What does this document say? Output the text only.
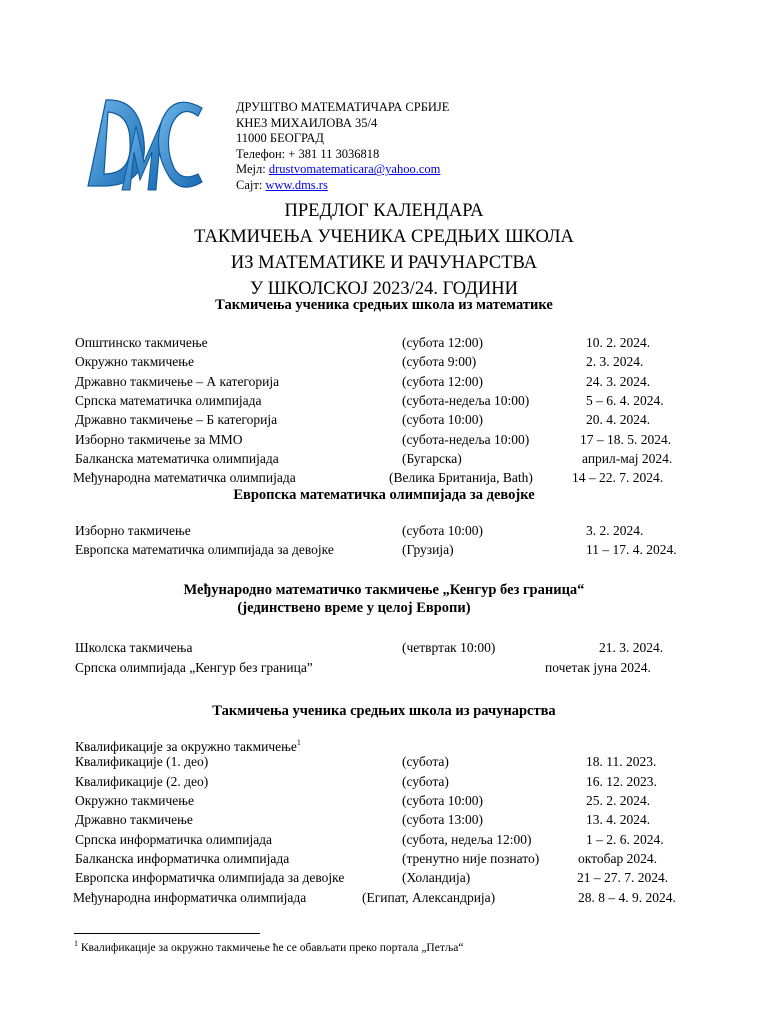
ДРУШТВО МАТЕМАТИЧАРА СРБИЈЕ
КНЕЗ МИХАИЛОВА 35/4
11000 БЕОГРАД
Телефон: + 381 11 3036818
Мејл: drustvomatematicara@yahoo.com
Сајт: www.dms.rs
ПРЕДЛОГ КАЛЕНДАРА
ТАКМИЧЕЊА УЧЕНИКА СРЕДЊИХ ШКОЛА
ИЗ МАТЕМАТИКЕ И РАЧУНАРСТВА
У ШКОЛСКОЈ 2023/24. ГОДИНИ
Такмичења ученика средњих школа из математике
Европска математичка олимпијада за девојке
Међународно математичко такмичење „Кенгур без граница“
(јединствено време у целој Европи)
Такмичења ученика средњих школа из рачунарства
Општинско такмичење	(субота 12:00)	10. 2. 2024.
Окружно такмичење	(субота 9:00)	2. 3. 2024.
Државно такмичење – А категорија	(субота 12:00)	24. 3. 2024.
Српска математичка олимпијада	(субота-недеља 10:00)	5 – 6. 4. 2024.
Државно такмичење – Б категорија	(субота 10:00)	20. 4. 2024.
Изборно такмичење за ММО	(субота-недеља 10:00)	17 – 18. 5. 2024.
Балканска математичка олимпијада	(Бугарска)	април-мај 2024.
Међународна математичка олимпијада	(Велика Британија, Bath)	14 – 22. 7. 2024.
Изборно такмичење	(субота 10:00)	3. 2. 2024.
Европска математичка олимпијада за девојке	(Грузија)	11 – 17. 4. 2024.
Школска такмичења	(четвртак 10:00)	21. 3. 2024.
Српска олимпијада „Кенгур без граница”	почетак јуна 2024.
Квалификације за окружно такмичење$^1$
Квалификације (1. део)	(субота)	18. 11. 2023.
Квалификације (2. део)	(субота)	16. 12. 2023.
Окружно такмичење	(субота 10:00)	25. 2. 2024.
Државно такмичење	(субота 13:00)	13. 4. 2024.
Српска информатичка олимпијада	(субота, недеља 12:00)	1 – 2. 6. 2024.
Балканска информатичка олимпијада	(тренутно није познато)	октобар 2024.
Европска информатичка олимпијада за девојке	(Холандија)	21 – 27. 7. 2024.
Међународна информатичка олимпијада	(Египат, Александрија)	28. 8 – 4. 9. 2024.
$^1$ Квалификације за окружно такмичење ће се обављати преко портала „Петља“
